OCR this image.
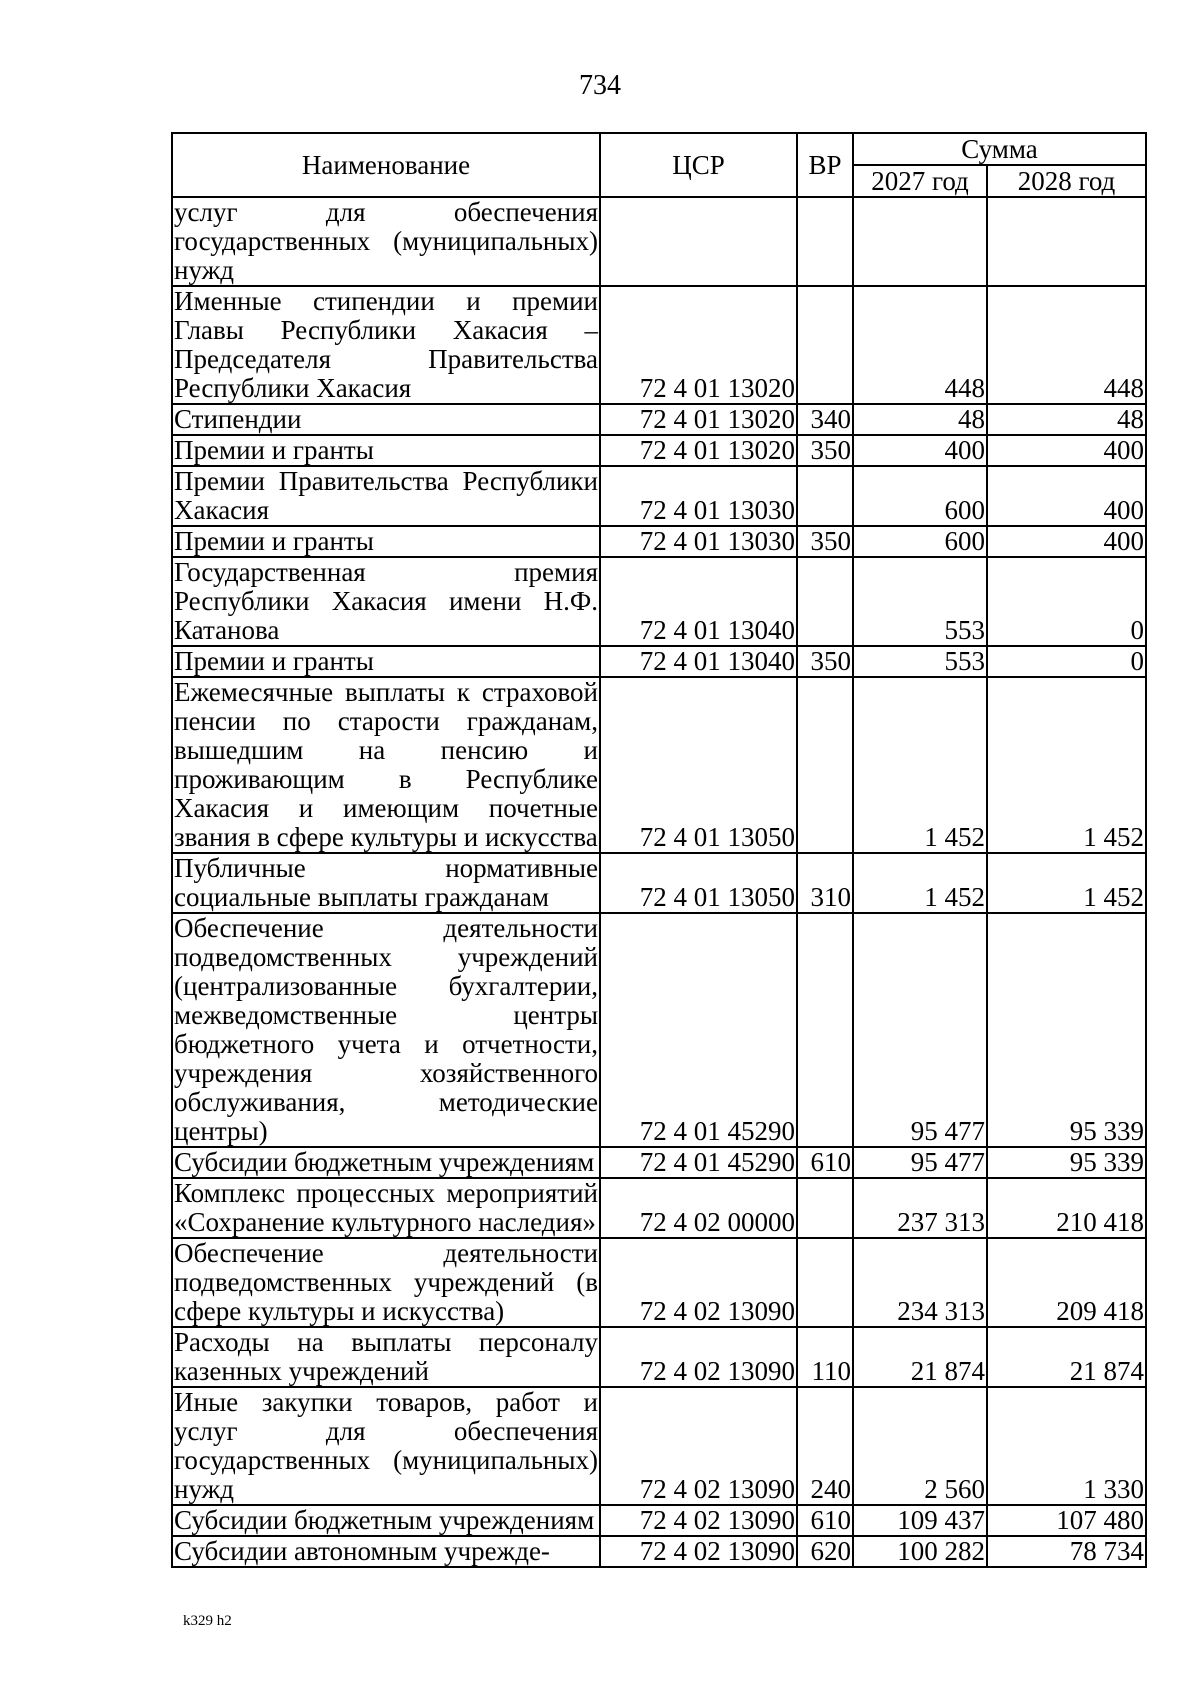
734
Наименование	ЦСР	ВР	Сумма	
			2027 год	2028 год
услуг для обеспечения государственных (муниципальных) нужд				
Именные стипендии и премии Главы Республики Хакасия – Председателя Правительства Республики Хакасия	72 4 01 13020		448	448
Стипендии	72 4 01 13020	340	48	48
Премии и гранты	72 4 01 13020	350	400	400
Премии Правительства Республики Хакасия	72 4 01 13030		600	400
Премии и гранты	72 4 01 13030	350	600	400
Государственная премия Республики Хакасия имени Н.Ф. Катанова	72 4 01 13040		553	0
Премии и гранты	72 4 01 13040	350	553	0
Ежемесячные выплаты к страховой пенсии по старости гражданам, вышедшим на пенсию и проживающим в Республике Хакасия и имеющим почетные звания в сфере культуры и искусства	72 4 01 13050		1 452	1 452
Публичные нормативные социальные выплаты гражданам	72 4 01 13050	310	1 452	1 452
Обеспечение деятельности подведомственных учреждений (централизованные бухгалтерии, межведомственные центры бюджетного учета и отчетности, учреждения хозяйственного обслуживания, методические центры)	72 4 01 45290		95 477	95 339
Субсидии бюджетным учреждениям	72 4 01 45290	610	95 477	95 339
Комплекс процессных мероприятий «Сохранение культурного наследия»	72 4 02 00000		237 313	210 418
Обеспечение деятельности подведомственных учреждений (в сфере культуры и искусства)	72 4 02 13090		234 313	209 418
Расходы на выплаты персоналу казенных учреждений	72 4 02 13090	110	21 874	21 874
Иные закупки товаров, работ и услуг для обеспечения государственных (муниципальных) нужд	72 4 02 13090	240	2 560	1 330
Субсидии бюджетным учреждениям	72 4 02 13090	610	109 437	107 480
Субсидии автономным учрежде-	72 4 02 13090	620	100 282	78 734
k329 h2
